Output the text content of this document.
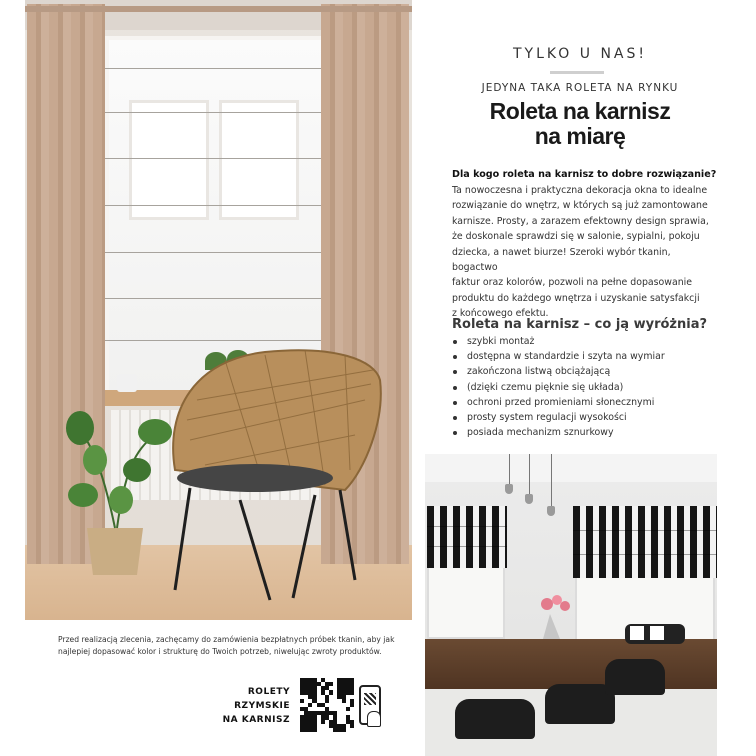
TYLKO U NAS!
JEDYNA TAKA ROLETA NA RYNKU
Roleta na karnisz
na miarę
Dla kogo roleta na karnisz to dobre rozwiązanie?
Ta nowoczesna i praktyczna dekoracja okna to idealne
rozwiązanie do wnętrz, w których są już zamontowane
karnisze. Prosty, a zarazem efektowny design sprawia,
że doskonale sprawdzi się w salonie, sypialni, pokoju
dziecka, a nawet biurze! Szeroki wybór tkanin, bogactwo
faktur oraz kolorów, pozwoli na pełne dopasowanie
produktu do każdego wnętrza i uzyskanie satysfakcji
z końcowego efektu.
Roleta na karnisz – co ją wyróżnia?
szybki montaż
dostępna w standardzie i szyta na wymiar
zakończona listwą obciążającą
(dzięki czemu pięknie się układa)
ochroni przed promieniami słonecznymi
prosty system regulacji wysokości
posiada mechanizm sznurkowy
Przed realizacją zlecenia, zachęcamy do zamówienia bezpłatnych próbek tkanin, aby jak
najlepiej dopasować kolor i strukturę do Twoich potrzeb, niwelując zwroty produktów.
ROLETY
RZYMSKIE
NA KARNISZ
